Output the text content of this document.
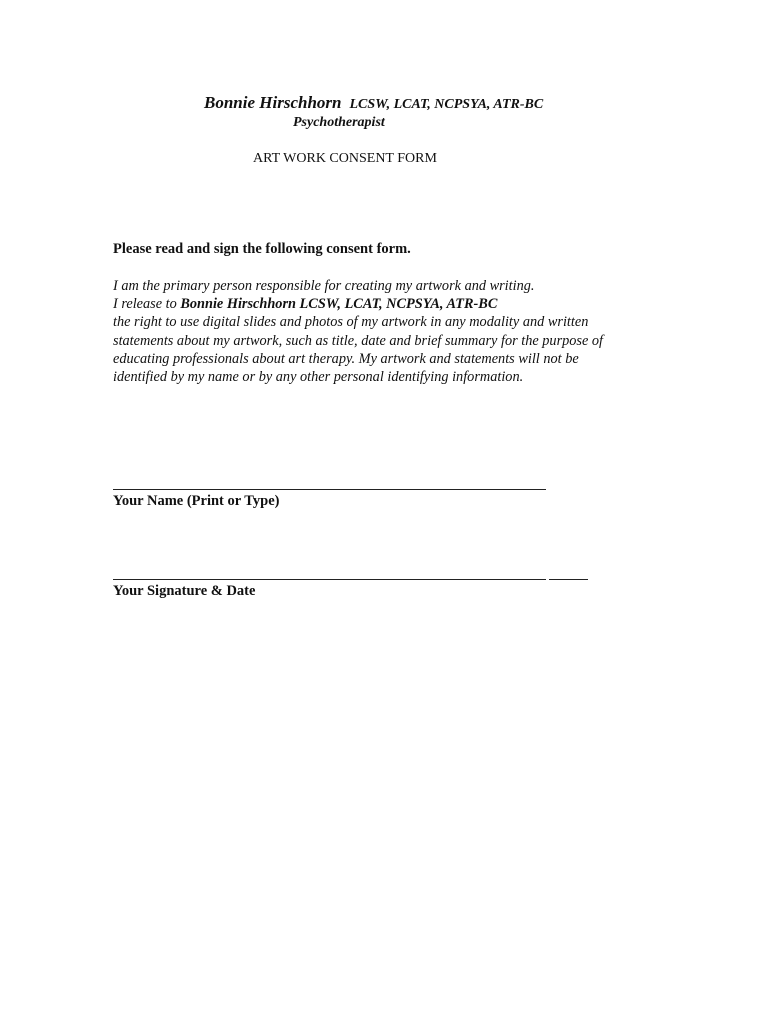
Bonnie Hirschhorn LCSW, LCAT, NCPSYA, ATR-BC
Psychotherapist
ART WORK CONSENT FORM
Please read and sign the following consent form.
I am the primary person responsible for creating my artwork and writing.
I release to Bonnie Hirschhorn LCSW, LCAT, NCPSYA, ATR-BC
the right to use digital slides and photos of my artwork in any modality and written
statements about my artwork, such as title, date and brief summary for the purpose of
educating professionals about art therapy. My artwork and statements will not be
identified by my name or by any other personal identifying information.
Your Name (Print or Type)
Your Signature & Date
